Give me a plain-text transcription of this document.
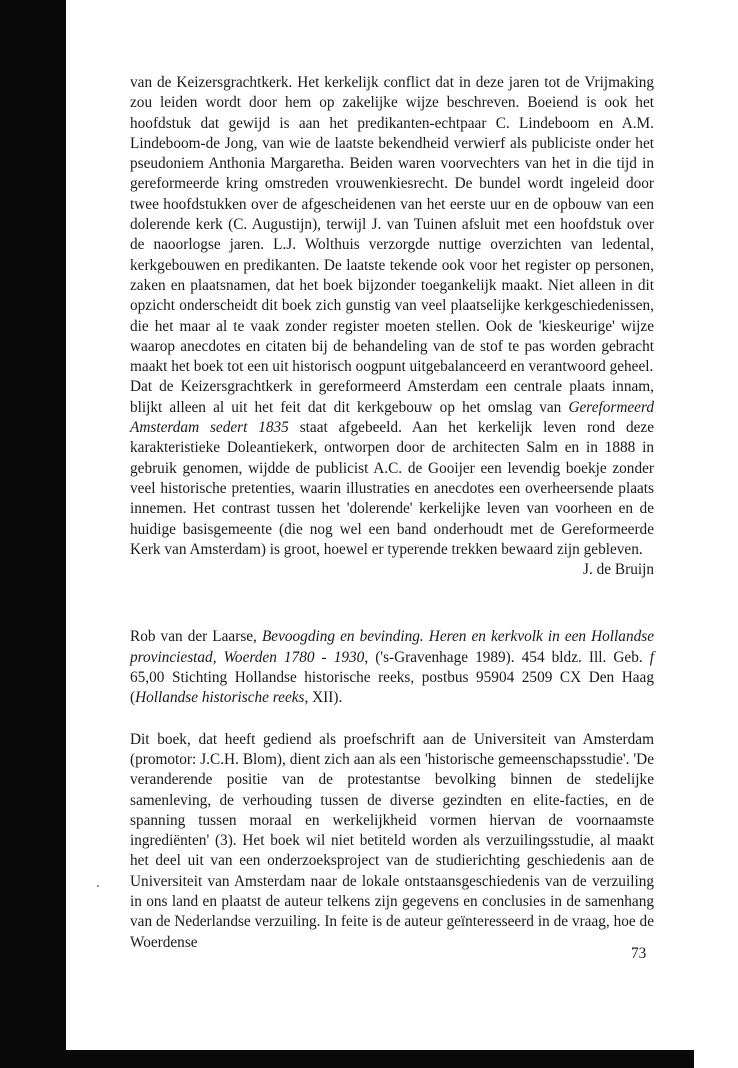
van de Keizersgrachtkerk. Het kerkelijk conflict dat in deze jaren tot de Vrijmaking zou leiden wordt door hem op zakelijke wijze beschreven. Boeiend is ook het hoofdstuk dat gewijd is aan het predikanten-echtpaar C. Lindeboom en A.M. Lindeboom-de Jong, van wie de laatste bekendheid verwierf als publiciste onder het pseudoniem Anthonia Margaretha. Beiden waren voorvechters van het in die tijd in gereformeerde kring omstreden vrouwenkiesrecht. De bundel wordt ingeleid door twee hoofdstukken over de afgescheidenen van het eerste uur en de opbouw van een dolerende kerk (C. Augustijn), terwijl J. van Tuinen afsluit met een hoofdstuk over de naoorlogse jaren. L.J. Wolthuis verzorgde nuttige overzichten van ledental, kerkgebouwen en predikanten. De laatste tekende ook voor het register op personen, zaken en plaatsnamen, dat het boek bijzonder toegankelijk maakt. Niet alleen in dit opzicht onderscheidt dit boek zich gunstig van veel plaatselijke kerkgeschiedenissen, die het maar al te vaak zonder register moeten stellen. Ook de 'kieskeurige' wijze waarop anecdotes en citaten bij de behandeling van de stof te pas worden gebracht maakt het boek tot een uit historisch oogpunt uitgebalanceerd en verantwoord geheel.

Dat de Keizersgrachtkerk in gereformeerd Amsterdam een centrale plaats innam, blijkt alleen al uit het feit dat dit kerkgebouw op het omslag van Gereformeerd Amsterdam sedert 1835 staat afgebeeld. Aan het kerkelijk leven rond deze karakteristieke Doleantiekerk, ontworpen door de architecten Salm en in 1888 in gebruik genomen, wijdde de publicist A.C. de Gooijer een levendig boekje zonder veel historische pretenties, waarin illustraties en anecdotes een overheersende plaats innemen. Het contrast tussen het 'dolerende' kerkelijke leven van voorheen en de huidige basisgemeente (die nog wel een band onderhoudt met de Gereformeerde Kerk van Amsterdam) is groot, hoewel er typerende trekken bewaard zijn gebleven.

J. de Bruijn

Rob van der Laarse, Bevoogding en bevinding. Heren en kerkvolk in een Hollandse provinciestad, Woerden 1780 - 1930, ('s-Gravenhage 1989). 454 bldz. Ill. Geb. f 65,00 Stichting Hollandse historische reeks, postbus 95904 2509 CX Den Haag (Hollandse historische reeks, XII).

Dit boek, dat heeft gediend als proefschrift aan de Universiteit van Amsterdam (promotor: J.C.H. Blom), dient zich aan als een 'historische gemeenschapsstudie'. 'De veranderende positie van de protestantse bevolking binnen de stedelijke samenleving, de verhouding tussen de diverse gezindten en elite-facties, en de spanning tussen moraal en werkelijkheid vormen hiervan de voornaamste ingrediënten' (3). Het boek wil niet betiteld worden als verzuilingsstudie, al maakt het deel uit van een onderzoeksproject van de studierichting geschiedenis aan de Universiteit van Amsterdam naar de lokale ontstaansgeschiedenis van de verzuiling in ons land en plaatst de auteur telkens zijn gegevens en conclusies in de samenhang van de Nederlandse verzuiling. In feite is de auteur geïnteresseerd in de vraag, hoe de Woerdense

73
